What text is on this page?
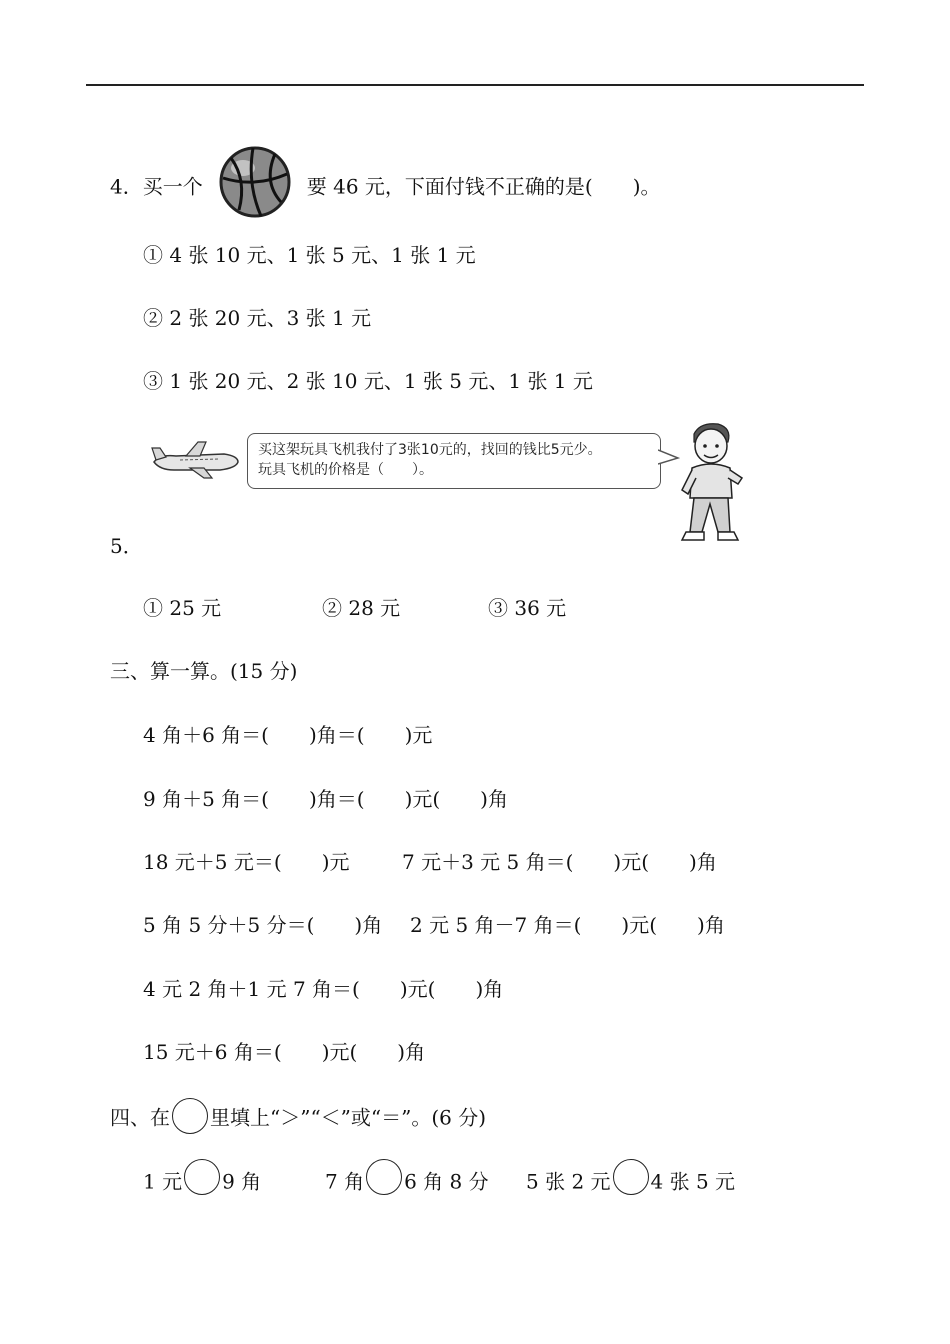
4．买一个	要 46 元，下面付钱不正确的是(　　)。
① 4 张 10 元、1 张 5 元、1 张 1 元
② 2 张 20 元、3 张 1 元
③ 1 张 20 元、2 张 10 元、1 张 5 元、1 张 1 元
买这架玩具飞机我付了3张10元的，找回的钱比5元少。
玩具飞机的价格是（　　）。
5．
① 25 元	② 28 元	③ 36 元
三、算一算。(15 分)
4 角＋6 角＝(　　)角＝(　　)元
9 角＋5 角＝(　　)角＝(　　)元(　　)角
18 元＋5 元＝(　　)元	7 元＋3 元 5 角＝(　　)元(　　)角
5 角 5 分＋5 分＝(　　)角 2 元 5 角－7 角＝(　　)元(　　)角
4 元 2 角＋1 元 7 角＝(　　)元(　　)角
15 元＋6 角＝(　　)元(　　)角
四、在 里填上“＞”“＜”或“＝”。(6 分)
1 元 9 角	7 角 6 角 8 分 5 张 2 元 4 张 5 元
